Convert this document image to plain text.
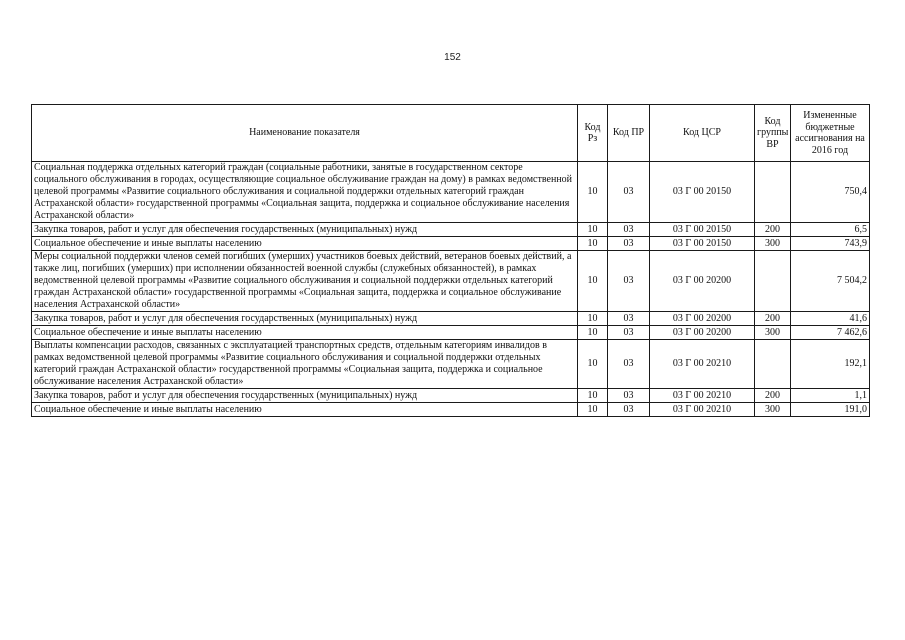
152
Наименование показателя	Код Рз	Код ПР	Код ЦСР	Код группы ВР	Измененные бюджетные ассигнования на 2016 год
Социальная поддержка отдельных категорий граждан (социальные работники, занятые в государственном секторе социального обслуживания в городах, осуществляющие социальное обслуживание граждан на дому) в рамках ведомственной целевой программы «Развитие социального обслуживания и социальной поддержки отдельных категорий граждан Астраханской области» государственной программы «Социальная защита, поддержка и социальное обслуживание населения Астраханской области»	10	03	03 Г 00 20150		750,4
Закупка товаров, работ и услуг для обеспечения государственных (муниципальных) нужд	10	03	03 Г 00 20150	200	6,5
Социальное обеспечение и иные выплаты населению	10	03	03 Г 00 20150	300	743,9
Меры социальной поддержки членов семей погибших (умерших) участников боевых действий, ветеранов боевых действий, а также лиц, погибших (умерших) при исполнении обязанностей военной службы (служебных обязанностей), в рамках ведомственной целевой программы «Развитие социального обслуживания и социальной поддержки отдельных категорий граждан Астраханской области» государственной программы «Социальная защита, поддержка и социальное обслуживание населения Астраханской области»	10	03	03 Г 00 20200		7 504,2
Закупка товаров, работ и услуг для обеспечения государственных (муниципальных) нужд	10	03	03 Г 00 20200	200	41,6
Социальное обеспечение и иные выплаты населению	10	03	03 Г 00 20200	300	7 462,6
Выплаты компенсации расходов, связанных с эксплуатацией транспортных средств, отдельным категориям инвалидов в рамках ведомственной целевой программы «Развитие социального обслуживания и социальной поддержки отдельных категорий граждан Астраханской области» государственной программы «Социальная защита, поддержка и социальное обслуживание населения Астраханской области»	10	03	03 Г 00 20210		192,1
Закупка товаров, работ и услуг для обеспечения государственных (муниципальных) нужд	10	03	03 Г 00 20210	200	1,1
Социальное обеспечение и иные выплаты населению	10	03	03 Г 00 20210	300	191,0
